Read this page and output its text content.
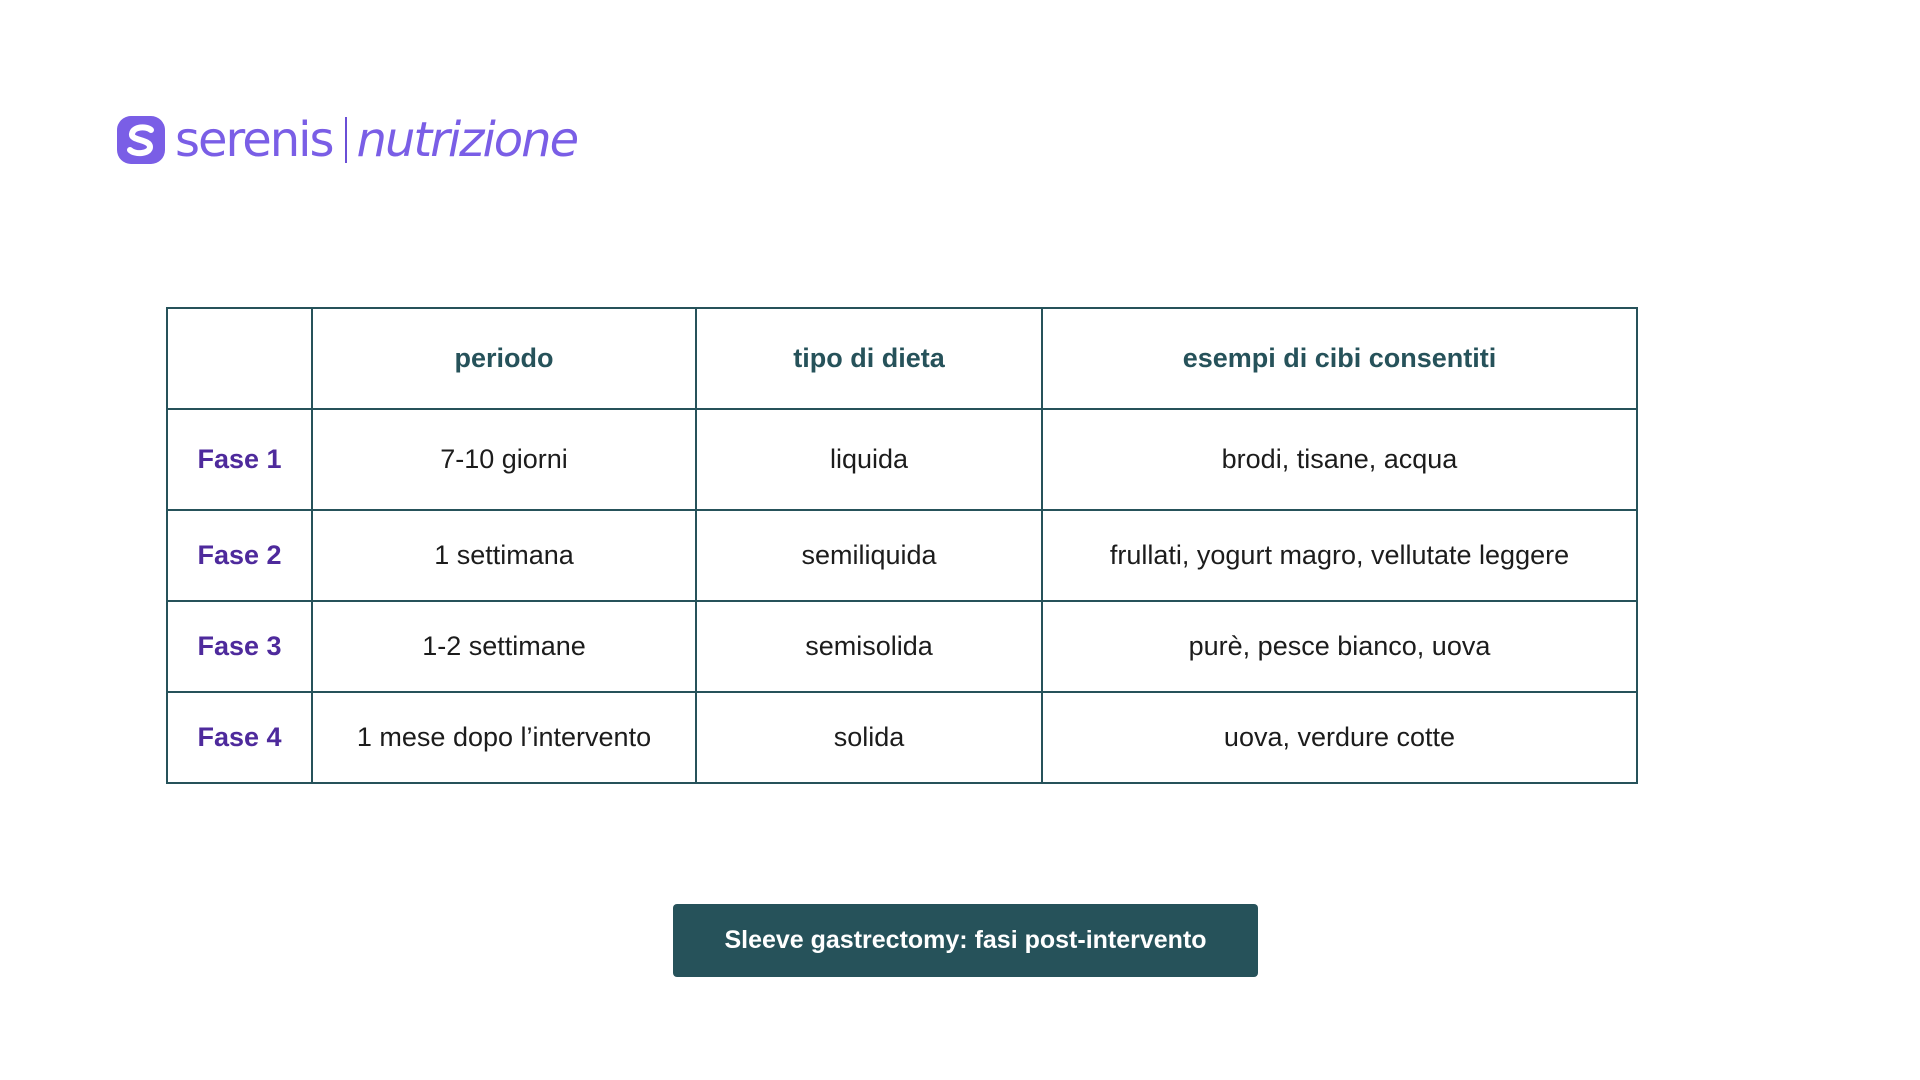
serenis nutrizione
	periodo	tipo di dieta	esempi di cibi consentiti
Fase 1	7-10 giorni	liquida	brodi, tisane, acqua
Fase 2	1 settimana	semiliquida	frullati, yogurt magro, vellutate leggere
Fase 3	1-2 settimane	semisolida	purè, pesce bianco, uova
Fase 4	1 mese dopo l’intervento	solida	uova, verdure cotte
Sleeve gastrectomy: fasi post-intervento
